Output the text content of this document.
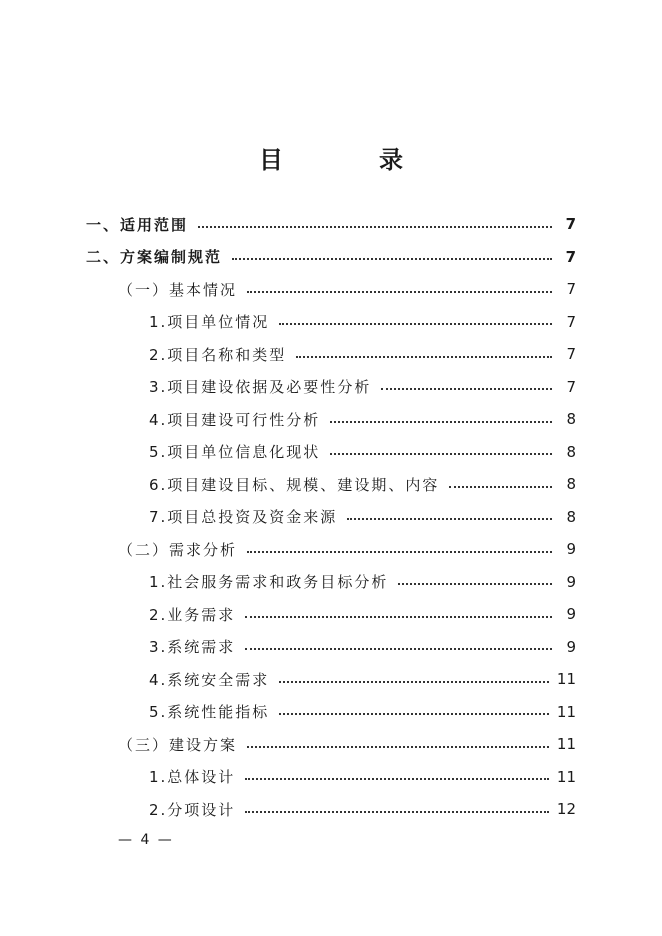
目　录
一、适用范围	7
二、方案编制规范	7
（一）基本情况	7
1.项目单位情况	7
2.项目名称和类型	7
3.项目建设依据及必要性分析	7
4.项目建设可行性分析	8
5.项目单位信息化现状	8
6.项目建设目标、规模、建设期、内容	8
7.项目总投资及资金来源	8
（二）需求分析	9
1.社会服务需求和政务目标分析	9
2.业务需求	9
3.系统需求	9
4.系统安全需求	11
5.系统性能指标	11
（三）建设方案	11
1.总体设计	11
2.分项设计	12
— 4 —
